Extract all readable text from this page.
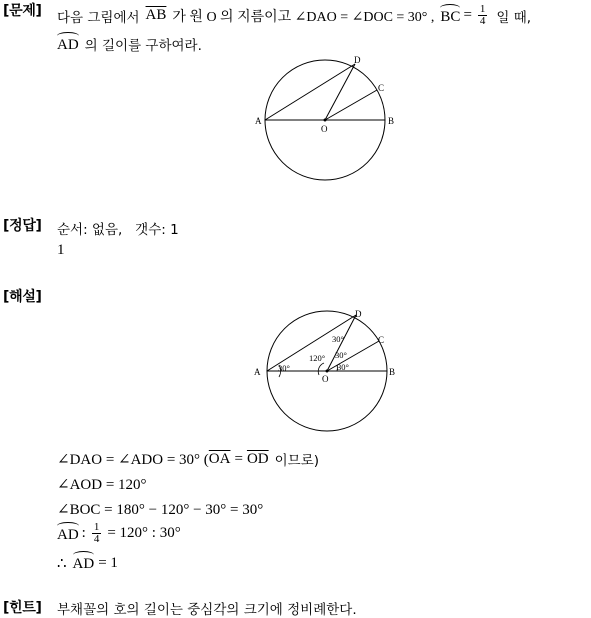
[문제] 다음 그림에서 $\overline{AB}$ 가 원 O 의 지름이고 ∠DAO = ∠DOC = 30° , BC = $\frac{1}{4}$ 일 때,
AD 의 길이를 구하여라.
A	B
C
D
O
[정답] 순서: 없음,   갯수: 1
1
[해설]
A	B
C
D
O
30°
30°
120° 30°
30°
∠DAO = ∠ADO = 30° ( $\overline{OA} = \overline{OD}$ 이므로)
∠AOD = 120°
∠BOC = 180° − 120° − 30° = 30°
AD : $\frac{1}{4} = 120^\circ$ : 30°
∴ AD = 1
[힌트] 부채꼴의 호의 길이는 중심각의 크기에 정비례한다.
